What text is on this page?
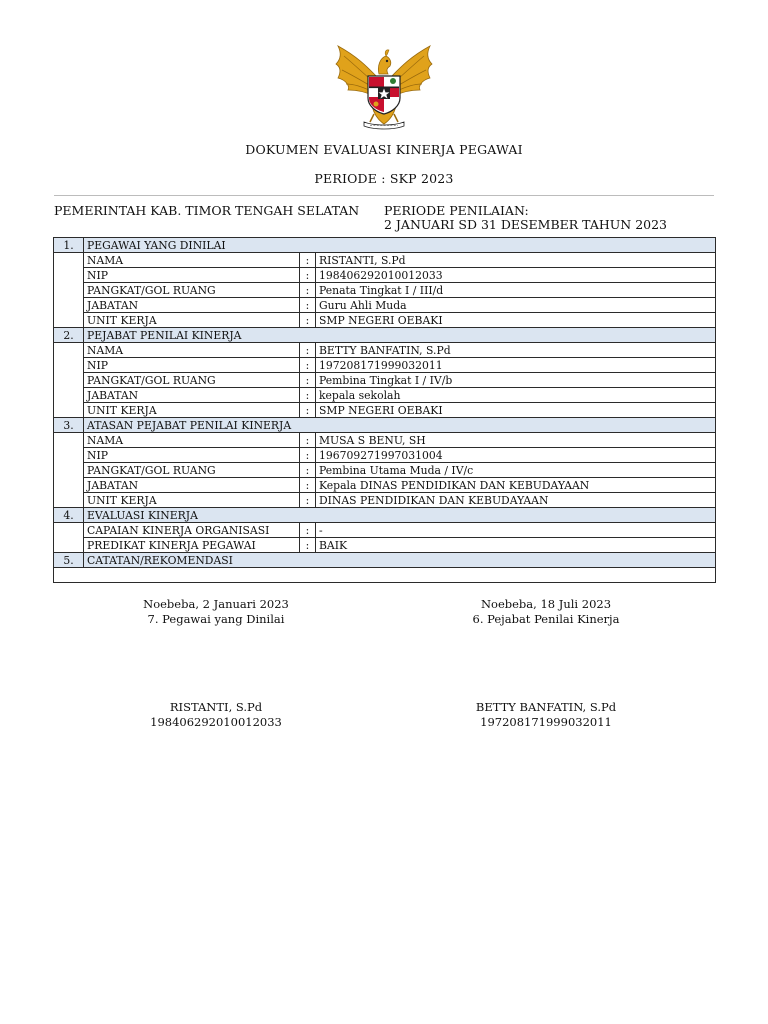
DOKUMEN EVALUASI KINERJA PEGAWAI
PERIODE : SKP 2023
PEMERINTAH KAB. TIMOR TENGAH SELATAN PERIODE PENILAIAN:
2 JANUARI SD 31 DESEMBER TAHUN 2023
1.	PEGAWAI YANG DINILAI		
	NAMA	:	RISTANTI, S.Pd
	NIP	:	198406292010012033
	PANGKAT/GOL RUANG	:	Penata Tingkat I / III/d
	JABATAN	:	Guru Ahli Muda
	UNIT KERJA	:	SMP NEGERI OEBAKI
2.	PEJABAT PENILAI KINERJA		
	NAMA	:	BETTY BANFATIN, S.Pd
	NIP	:	197208171999032011
	PANGKAT/GOL RUANG	:	Pembina Tingkat I / IV/b
	JABATAN	:	kepala sekolah
	UNIT KERJA	:	SMP NEGERI OEBAKI
3.	ATASAN PEJABAT PENILAI KINERJA		
	NAMA	:	MUSA S BENU, SH
	NIP	:	196709271997031004
	PANGKAT/GOL RUANG	:	Pembina Utama Muda / IV/c
	JABATAN	:	Kepala DINAS PENDIDIKAN DAN KEBUDAYAAN
	UNIT KERJA	:	DINAS PENDIDIKAN DAN KEBUDAYAAN
4.	EVALUASI KINERJA		
	CAPAIAN KINERJA ORGANISASI	:	-
	PREDIKAT KINERJA PEGAWAI	:	BAIK
5.	CATATAN/REKOMENDASI		

Noebeba, 2 Januari 2023
7. Pegawai yang Dinilai
RISTANTI, S.Pd
198406292010012033
Noebeba, 18 Juli 2023
6. Pejabat Penilai Kinerja
BETTY BANFATIN, S.Pd
197208171999032011
